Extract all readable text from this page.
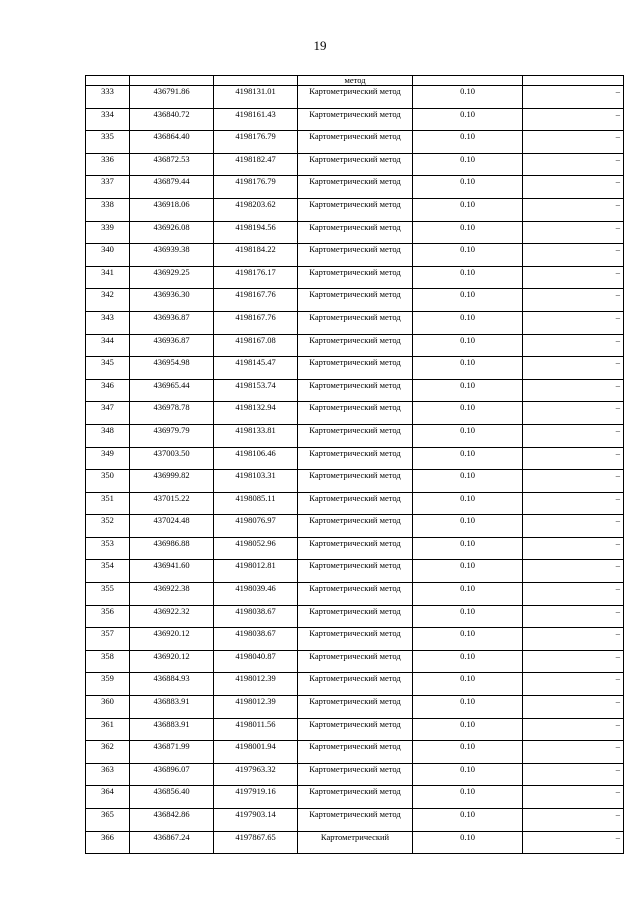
19
			метод		
333	436791.86	4198131.01	Картометрический метод	0.10	–
334	436840.72	4198161.43	Картометрический метод	0.10	–
335	436864.40	4198176.79	Картометрический метод	0.10	–
336	436872.53	4198182.47	Картометрический метод	0.10	–
337	436879.44	4198176.79	Картометрический метод	0.10	–
338	436918.06	4198203.62	Картометрический метод	0.10	–
339	436926.08	4198194.56	Картометрический метод	0.10	–
340	436939.38	4198184.22	Картометрический метод	0.10	–
341	436929.25	4198176.17	Картометрический метод	0.10	–
342	436936.30	4198167.76	Картометрический метод	0.10	–
343	436936.87	4198167.76	Картометрический метод	0.10	–
344	436936.87	4198167.08	Картометрический метод	0.10	–
345	436954.98	4198145.47	Картометрический метод	0.10	–
346	436965.44	4198153.74	Картометрический метод	0.10	–
347	436978.78	4198132.94	Картометрический метод	0.10	–
348	436979.79	4198133.81	Картометрический метод	0.10	–
349	437003.50	4198106.46	Картометрический метод	0.10	–
350	436999.82	4198103.31	Картометрический метод	0.10	–
351	437015.22	4198085.11	Картометрический метод	0.10	–
352	437024.48	4198076.97	Картометрический метод	0.10	–
353	436986.88	4198052.96	Картометрический метод	0.10	–
354	436941.60	4198012.81	Картометрический метод	0.10	–
355	436922.38	4198039.46	Картометрический метод	0.10	–
356	436922.32	4198038.67	Картометрический метод	0.10	–
357	436920.12	4198038.67	Картометрический метод	0.10	–
358	436920.12	4198040.87	Картометрический метод	0.10	–
359	436884.93	4198012.39	Картометрический метод	0.10	–
360	436883.91	4198012.39	Картометрический метод	0.10	–
361	436883.91	4198011.56	Картометрический метод	0.10	–
362	436871.99	4198001.94	Картометрический метод	0.10	–
363	436896.07	4197963.32	Картометрический метод	0.10	–
364	436856.40	4197919.16	Картометрический метод	0.10	–
365	436842.86	4197903.14	Картометрический метод	0.10	–
366	436867.24	4197867.65	Картометрический	0.10	–
